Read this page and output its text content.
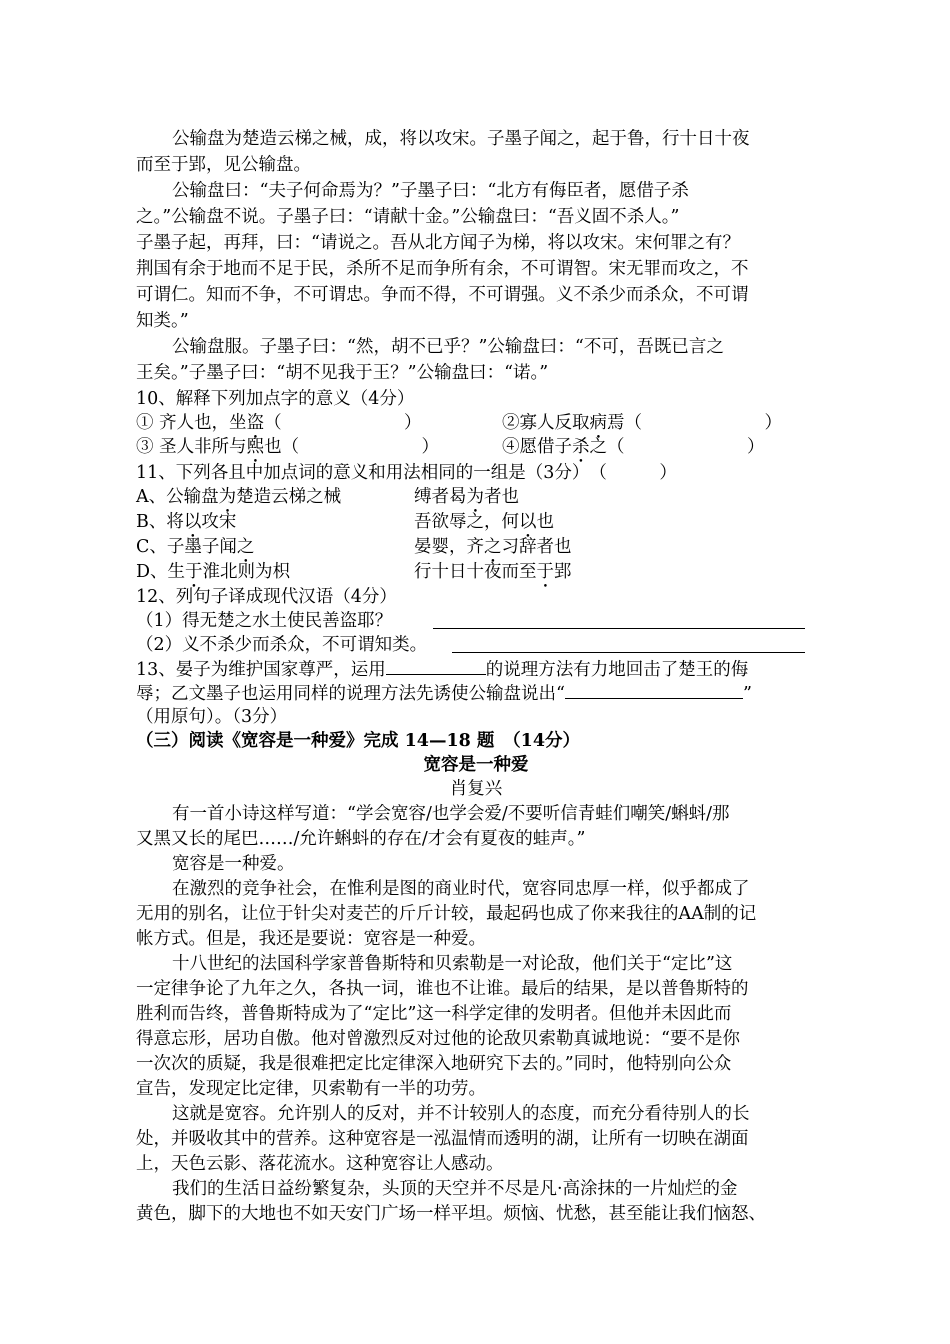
公输盘为楚造云梯之械，成，将以攻宋。子墨子闻之，起于鲁，行十日十夜
而至于郢，见公输盘。
公输盘曰：“夫子何命焉为？”子墨子曰：“北方有侮臣者，愿借子杀
之。”公输盘不说。子墨子曰：“请献十金。”公输盘曰：“吾义固不杀人。”
子墨子起，再拜，曰：“请说之。吾从北方闻子为梯，将以攻宋。宋何罪之有？
荆国有余于地而不足于民，杀所不足而争所有余，不可谓智。宋无罪而攻之，不
可谓仁。知而不争，不可谓忠。争而不得，不可谓强。义不杀少而杀众，不可谓
知类。”
公输盘服。子墨子曰：“然，胡不已乎？”公输盘曰：“不可，吾既已言之
王矣。”子墨子曰：“胡不见我于王？”公输盘曰：“诺。”
10、解释下列加点字的意义（4分）
① 齐人也，坐盗（　　　　　　　）	②寡人反取病焉（　　　　　　　）
③ 圣人非所与熙也（　　　　　　　）	④愿借子杀之（　　　　　　　）
11、下列各且中加点词的意义和用法相同的一组是（3分）　（　　　）
A、公输盘为楚造云梯之械	缚者曷为者也
B、将以攻宋	吾欲辱之，何以也
C、子墨子闻之	晏婴，齐之习辞者也
D、生于淮北则为枳	行十日十夜而至于郢
12、列句子译成现代汉语（4分）
（1）得无楚之水土使民善盗耶？
（2）义不杀少而杀众，不可谓知类。
13、晏子为维护国家尊严，运用	的说理方法有力地回击了楚王的侮
辱；乙文墨子也运用同样的说理方法先诱使公输盘说出“	”
（用原句）。（3分）
（三）阅读《宽容是一种爱》完成 14—18 题　（14分）
宽容是一种爱
肖复兴
有一首小诗这样写道：“学会宽容/也学会爱/不要听信青蛙们嘲笑/蝌蚪/那
又黑又长的尾巴……/允许蝌蚪的存在/才会有夏夜的蛙声。”
宽容是一种爱。
在激烈的竞争社会，在惟利是图的商业时代，宽容同忠厚一样，似乎都成了
无用的别名，让位于针尖对麦芒的斤斤计较，最起码也成了你来我往的AA制的记
帐方式。但是，我还是要说：宽容是一种爱。
十八世纪的法国科学家普鲁斯特和贝索勒是一对论敌，他们关于“定比”这
一定律争论了九年之久，各执一词，谁也不让谁。最后的结果，是以普鲁斯特的
胜利而告终，普鲁斯特成为了“定比”这一科学定律的发明者。但他并未因此而
得意忘形，居功自傲。他对曾激烈反对过他的论敌贝索勒真诚地说：“要不是你
一次次的质疑，我是很难把定比定律深入地研究下去的。”同时，他特别向公众
宣告，发现定比定律，贝索勒有一半的功劳。
这就是宽容。允许别人的反对，并不计较别人的态度，而充分看待别人的长
处，并吸收其中的营养。这种宽容是一泓温情而透明的湖，让所有一切映在湖面
上，天色云影、落花流水。这种宽容让人感动。
我们的生活日益纷繁复杂，头顶的天空并不尽是凡·高涂抹的一片灿烂的金
黄色，脚下的大地也不如天安门广场一样平坦。烦恼、忧愁，甚至能让我们恼怒、
